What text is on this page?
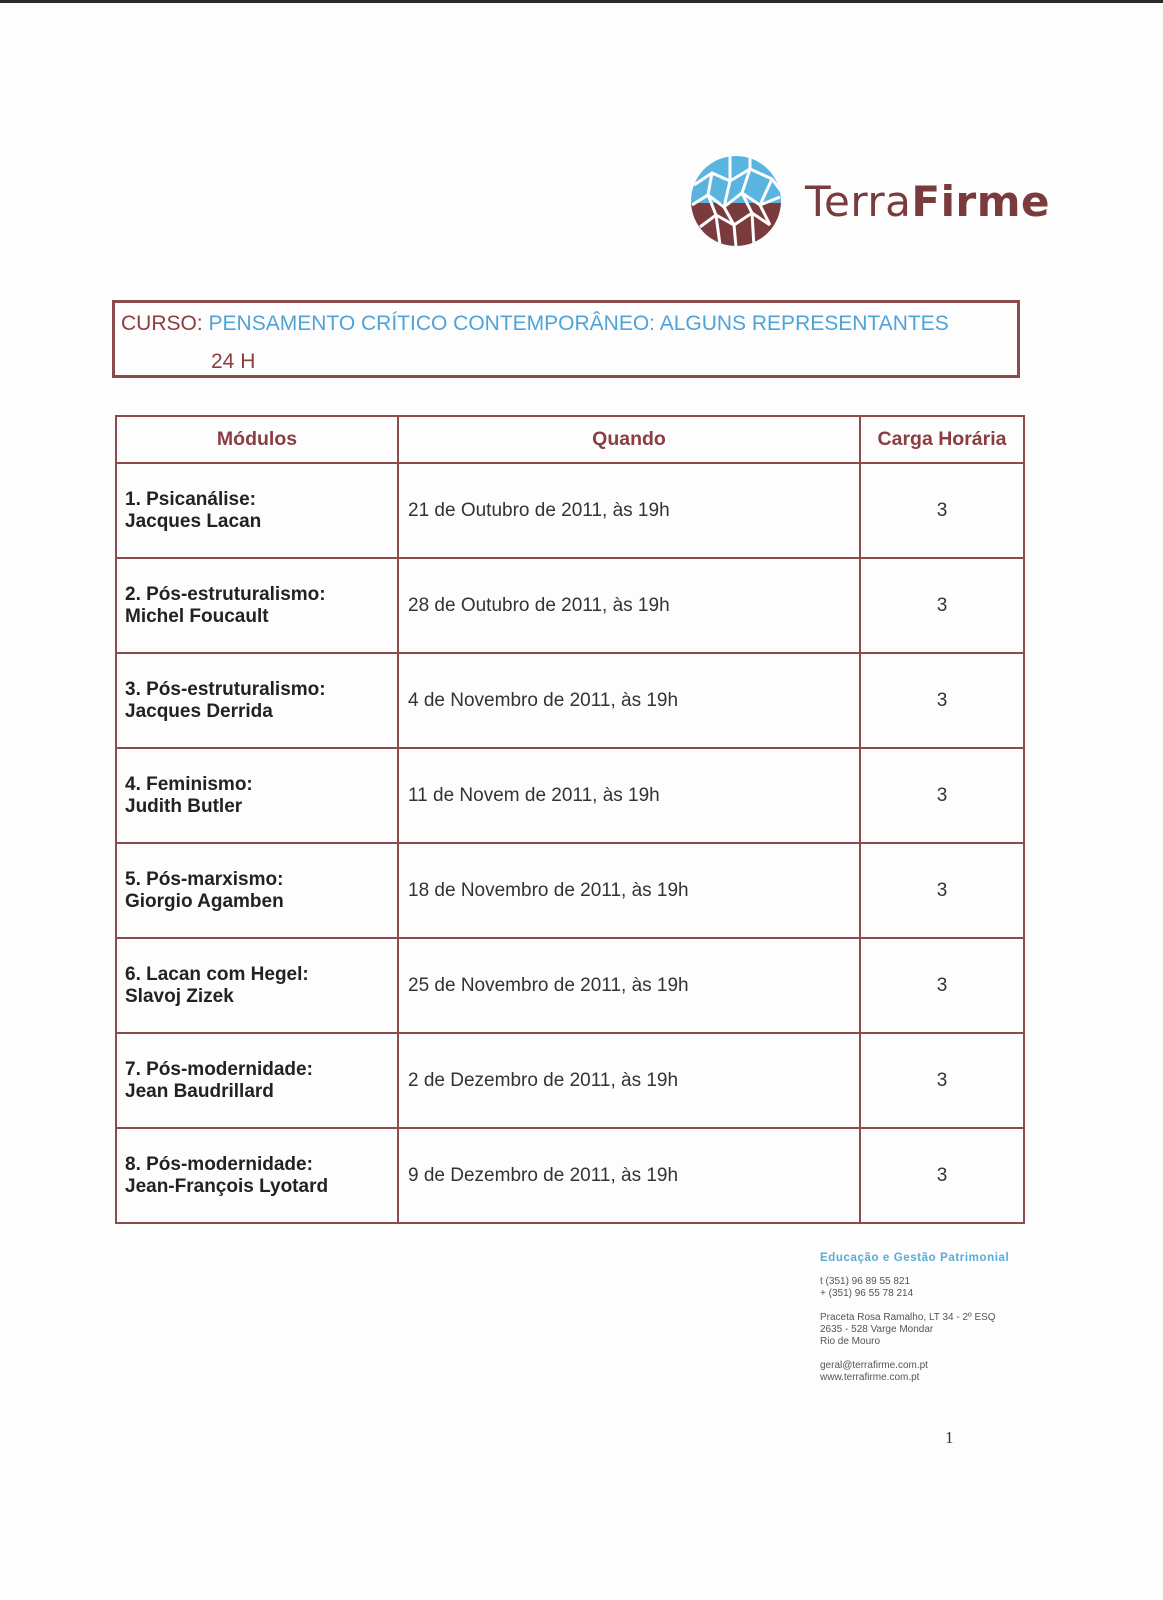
TerraFirme
CURSO: PENSAMENTO CRÍTICO CONTEMPORÂNEO: ALGUNS REPRESENTANTES
24 H
Módulos	Quando	Carga Horária

1. Psicanálise:
Jacques Lacan	21 de Outubro de 2011, às 19h	3

2. Pós-estruturalismo:
Michel Foucault	28 de Outubro de 2011, às 19h	3

3. Pós-estruturalismo:
Jacques Derrida	4 de Novembro de 2011, às 19h	3

4. Feminismo:
Judith Butler	11 de Novem de 2011, às 19h	3

5. Pós-marxismo:
Giorgio Agamben	18 de Novembro de 2011, às 19h	3

6. Lacan com Hegel:
Slavoj Zizek	25 de Novembro de 2011, às 19h	3

7. Pós-modernidade:
Jean Baudrillard	2 de Dezembro de 2011, às 19h	3

8. Pós-modernidade:
Jean-François Lyotard	9 de Dezembro de 2011, às 19h	3
Educação e Gestão Patrimonial
t (351) 96 89 55 821
+ (351) 96 55 78 214
Praceta Rosa Ramalho, LT 34 - 2º ESQ
2635 - 528 Varge Mondar
Rio de Mouro
geral@terrafirme.com.pt
www.terrafirme.com.pt
1
